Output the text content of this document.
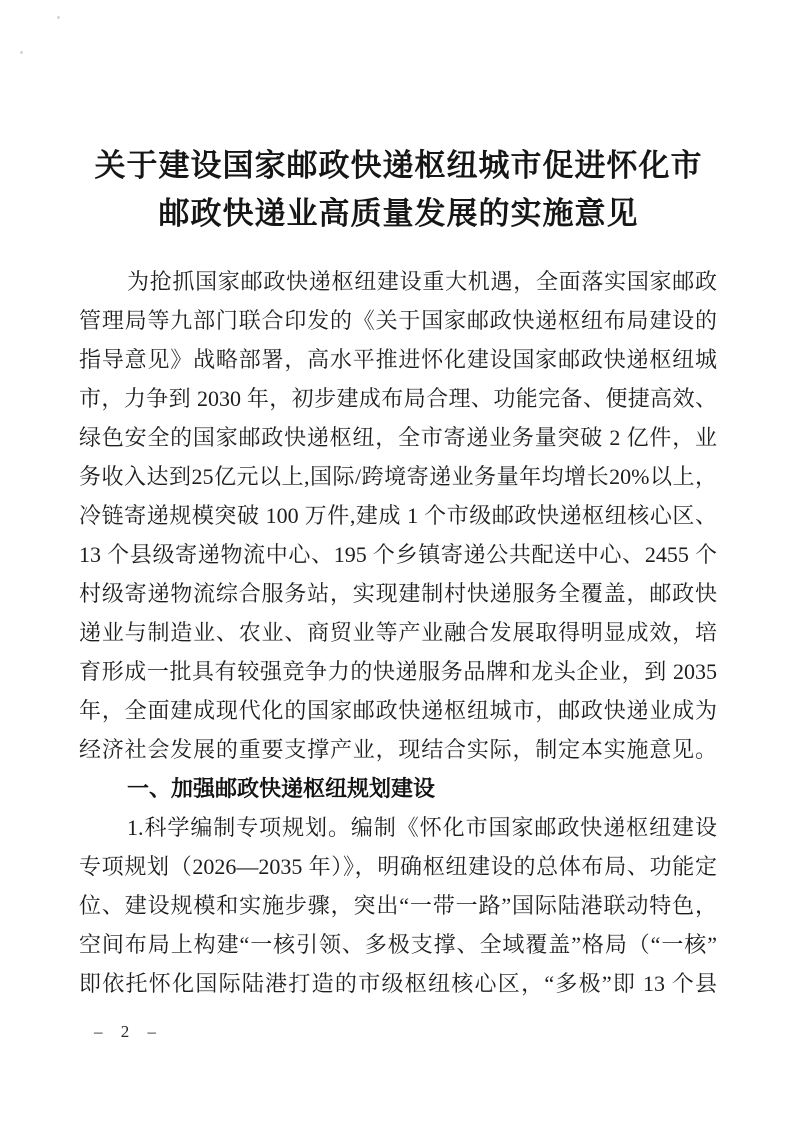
关于建设国家邮政快递枢纽城市促进怀化市
邮政快递业高质量发展的实施意见
为抢抓国家邮政快递枢纽建设重大机遇，全面落实国家邮政
管理局等九部门联合印发的《关于国家邮政快递枢纽布局建设的
指导意见》战略部署，高水平推进怀化建设国家邮政快递枢纽城
市，力争到 2030 年，初步建成布局合理、功能完备、便捷高效、
绿色安全的国家邮政快递枢纽，全市寄递业务量突破 2 亿件，业
务收入达到25亿元以上,国际/跨境寄递业务量年均增长20%以上，
冷链寄递规模突破 100 万件,建成 1 个市级邮政快递枢纽核心区、
13 个县级寄递物流中心、195 个乡镇寄递公共配送中心、2455 个
村级寄递物流综合服务站，实现建制村快递服务全覆盖，邮政快
递业与制造业、农业、商贸业等产业融合发展取得明显成效，培
育形成一批具有较强竞争力的快递服务品牌和龙头企业，到 2035
年，全面建成现代化的国家邮政快递枢纽城市，邮政快递业成为
经济社会发展的重要支撑产业，现结合实际，制定本实施意见。
一、加强邮政快递枢纽规划建设
1.科学编制专项规划。编制《怀化市国家邮政快递枢纽建设
专项规划（2026—2035 年）》，明确枢纽建设的总体布局、功能定
位、建设规模和实施步骤，突出“一带一路”国际陆港联动特色，
空间布局上构建“一核引领、多极支撑、全域覆盖”格局（“一核”
即依托怀化国际陆港打造的市级枢纽核心区，“多极”即 13 个县
– 2 –
